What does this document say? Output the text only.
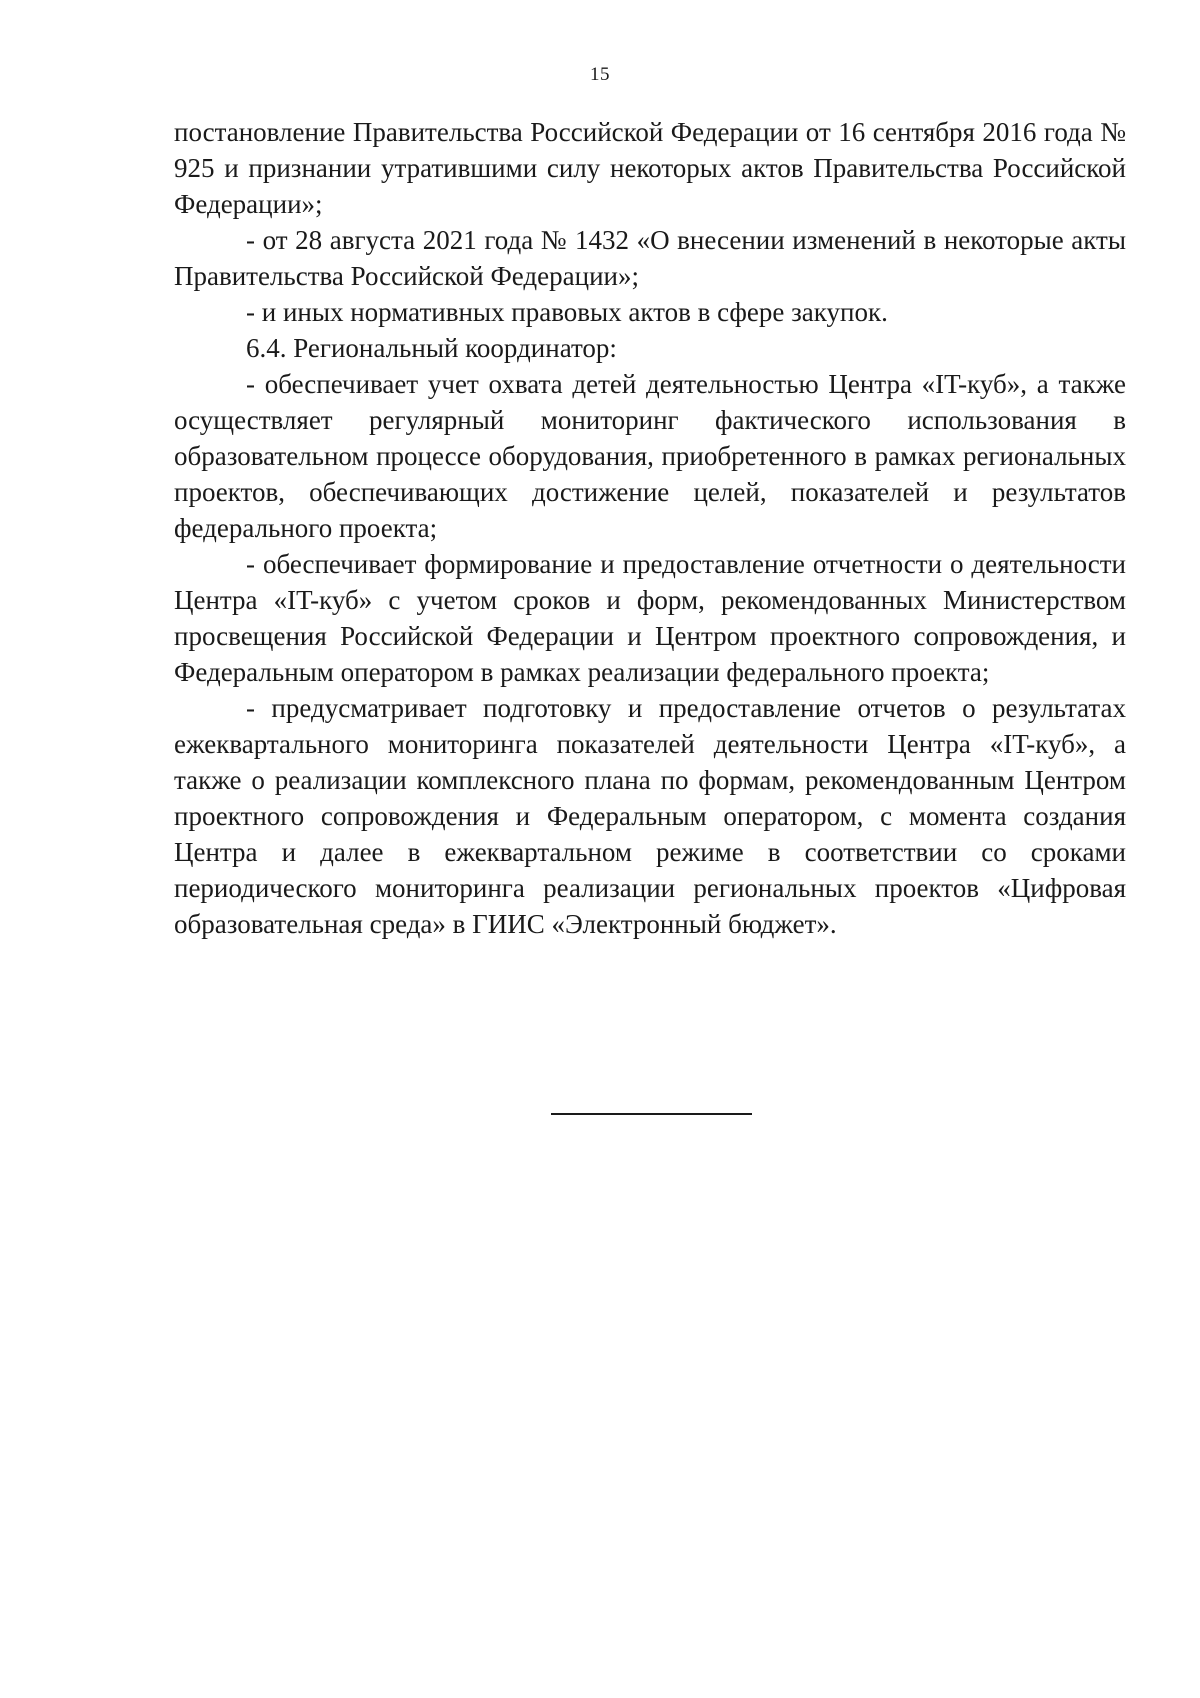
15

постановление Правительства Российской Федерации от 16 сентября 2016 года № 925 и признании утратившими силу некоторых актов Правительства Российской Федерации»;

- от 28 августа 2021 года № 1432 «О внесении изменений в некоторые акты Правительства Российской Федерации»;

- и иных нормативных правовых актов в сфере закупок.

6.4. Региональный координатор:

- обеспечивает учет охвата детей деятельностью Центра «IT-куб», а также осуществляет регулярный мониторинг фактического использования в образовательном процессе оборудования, приобретенного в рамках региональных проектов, обеспечивающих достижение целей, показателей и результатов федерального проекта;

- обеспечивает формирование и предоставление отчетности о деятельности Центра «IT-куб» с учетом сроков и форм, рекомендованных Министерством просвещения Российской Федерации и Центром проектного сопровождения, и Федеральным оператором в рамках реализации федерального проекта;

- предусматривает подготовку и предоставление отчетов о результатах ежеквартального мониторинга показателей деятельности Центра «IT-куб», а также о реализации комплексного плана по формам, рекомендованным Центром проектного сопровождения и Федеральным оператором, с момента создания Центра и далее в ежеквартальном режиме в соответствии со сроками периодического мониторинга реализации региональных проектов «Цифровая образовательная среда» в ГИИС «Электронный бюджет».
